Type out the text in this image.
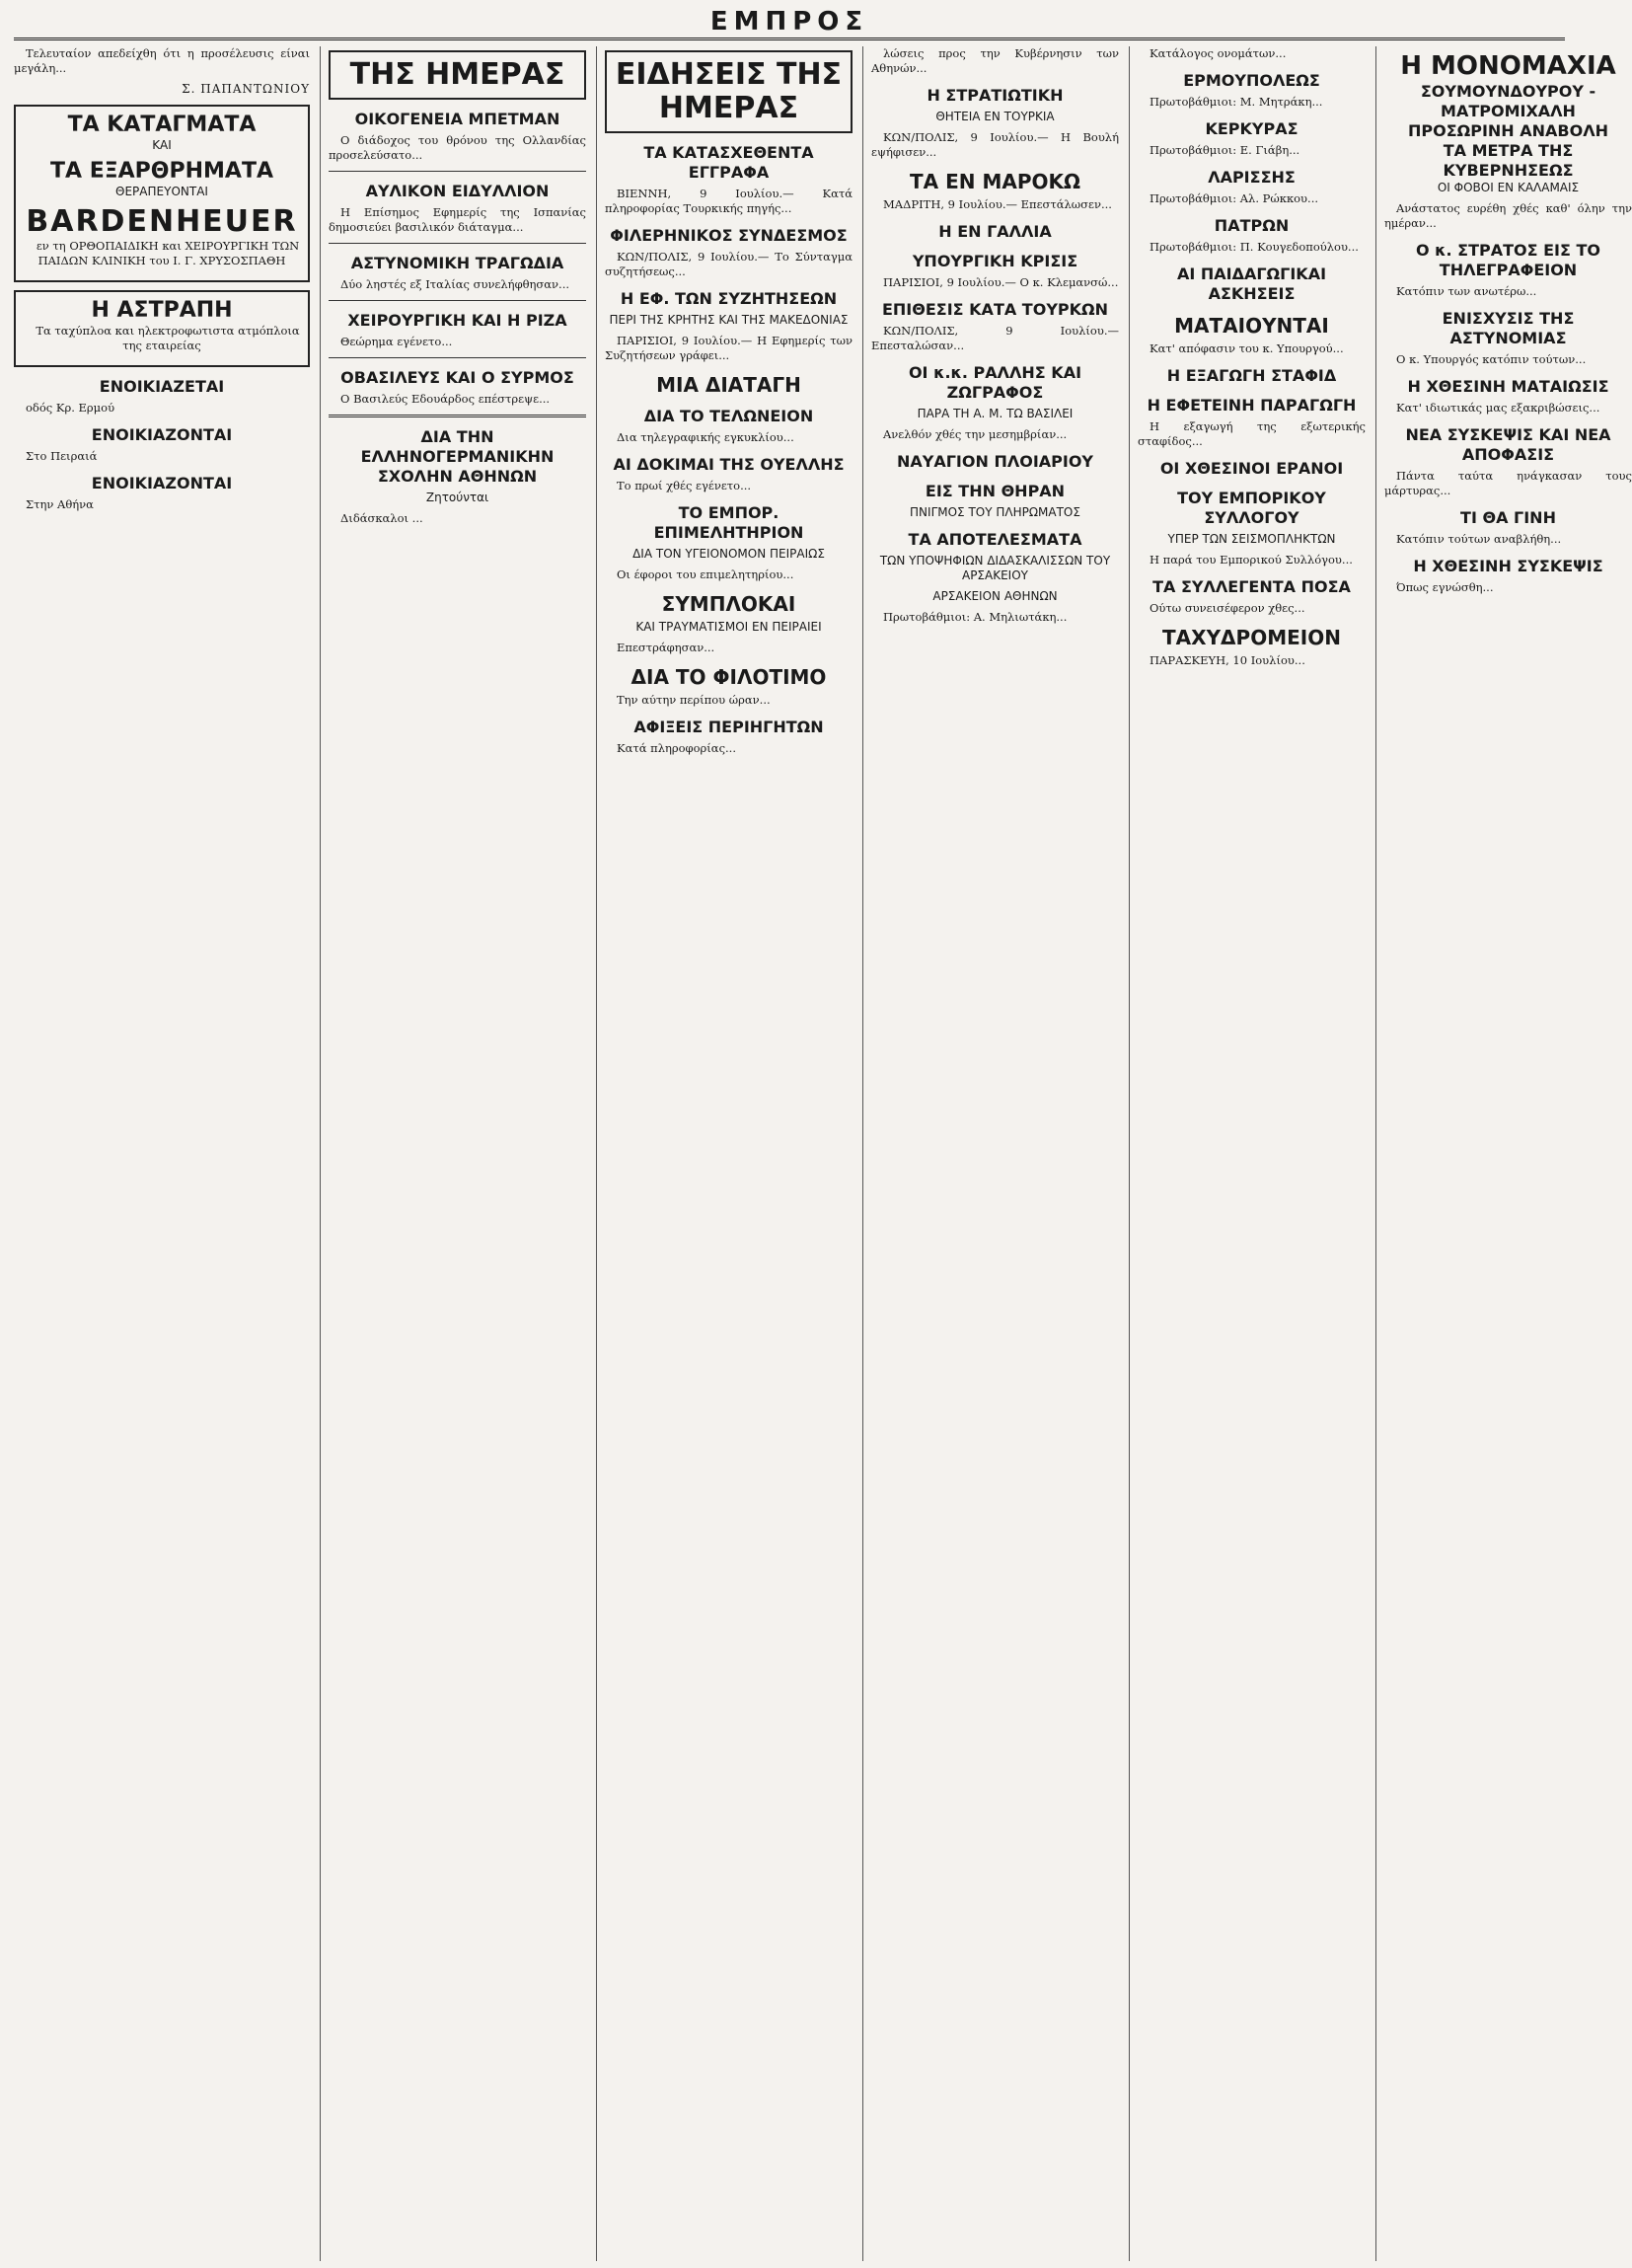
ΕΜΠΡΟΣ

Τελευταίον απεδείχθη ότι η προσέλευσις είναι μεγάλη...

Σ. ΠΑΠΑΝΤΩΝΙΟΥ
ΤΑ ΚΑΤΑΓΜΑΤΑ
ΚΑΙ
ΤΑ ΕΞΑΡΘΡΗΜΑΤΑ
ΘΕΡΑΠΕΥΟΝΤΑΙ
BARDENHEUER

εν τη ΟΡΘΟΠΑΙΔΙΚΗ και ΧΕΙΡΟΥΡΓΙΚΗ ΤΩΝ ΠΑΙΔΩΝ ΚΛΙΝΙΚΗ του Ι. Γ. ΧΡΥΣΟΣΠΑΘΗ

Η ΑΣΤΡΑΠΗ

Τα ταχύπλοα και ηλεκτροφωτιστα ατμόπλοια της εταιρείας

ΕΝΟΙΚΙΑΖΕΤΑΙ

οδός Κρ. Ερμού

ΕΝΟΙΚΙΑΖΟΝΤΑΙ

Στο Πειραιά

ΕΝΟΙΚΙΑΖΟΝΤΑΙ

Στην Αθήνα

ΤΗΣ ΗΜΕΡΑΣ
ΟΙΚΟΓΕΝΕΙΑ ΜΠΕΤΜΑΝ

Ο διάδοχος του θρόνου της Ολλανδίας προσελεύσατο...

ΑΥΛΙΚΟΝ ΕΙΔΥΛΛΙΟΝ

Η Επίσημος Εφημερίς της Ισπανίας δημοσιεύει βασιλικόν διάταγμα...

ΑΣΤΥΝΟΜΙΚΗ ΤΡΑΓΩΔΙΑ

Δύο ληστές εξ Ιταλίας συνελήφθησαν...

ΧΕΙΡΟΥΡΓΙΚΗ ΚΑΙ Η ΡΙΖΑ

Θεώρημα εγένετο...

ΟΒΑΣΙΛΕΥΣ ΚΑΙ Ο ΣΥΡΜΟΣ

Ο Βασιλεύς Εδουάρδος επέστρεψε...

ΔΙΑ ΤΗΝ ΕΛΛΗΝΟΓΕΡΜΑΝΙΚΗΝ ΣΧΟΛΗΝ ΑΘΗΝΩΝ
Ζητούνται

Διδάσκαλοι ...

ΕΙΔΗΣΕΙΣ ΤΗΣ ΗΜΕΡΑΣ
ΤΑ ΚΑΤΑΣΧΕΘΕΝΤΑ ΕΓΓΡΑΦΑ

ΒΙΕΝΝΗ, 9 Ιουλίου.— Κατά πληροφορίας Τουρκικής πηγής...

ΦΙΛΕΡΗΝΙΚΟΣ ΣΥΝΔΕΣΜΟΣ

ΚΩΝ/ΠΟΛΙΣ, 9 Ιουλίου.— Το Σύνταγμα συζητήσεως...

Η ΕΦ. ΤΩΝ ΣΥΖΗΤΗΣΕΩΝ
ΠΕΡΙ ΤΗΣ ΚΡΗΤΗΣ ΚΑΙ ΤΗΣ ΜΑΚΕΔΟΝΙΑΣ

ΠΑΡΙΣΙΟΙ, 9 Ιουλίου.— Η Εφημερίς των Συζητήσεων γράφει...

ΜΙΑ ΔΙΑΤΑΓΗ
ΔΙΑ ΤΟ ΤΕΛΩΝΕΙΟΝ

Δια τηλεγραφικής εγκυκλίου...

ΑΙ ΔΟΚΙΜΑΙ ΤΗΣ ΟΥΕΛΛΗΣ

Το πρωί χθές εγένετο...

ΤΟ ΕΜΠΟΡ. ΕΠΙΜΕΛΗΤΗΡΙΟΝ
ΔΙΑ ΤΟΝ ΥΓΕΙΟΝΟΜΟΝ ΠΕΙΡΑΙΩΣ

Οι έφοροι του επιμελητηρίου...

ΣΥΜΠΛΟΚΑΙ
ΚΑΙ ΤΡΑΥΜΑΤΙΣΜΟΙ ΕΝ ΠΕΙΡΑΙΕΙ

Επεστράφησαν...

ΔΙΑ ΤΟ ΦΙΛΟΤΙΜΟ

Την αύτην περίπου ώραν...

ΑΦΙΞΕΙΣ ΠΕΡΙΗΓΗΤΩΝ

Κατά πληροφορίας...

λώσεις προς την Κυβέρνησιν των Αθηνών...

Η ΣΤΡΑΤΙΩΤΙΚΗ
ΘΗΤΕΙΑ ΕΝ ΤΟΥΡΚΙΑ

ΚΩΝ/ΠΟΛΙΣ, 9 Ιουλίου.— Η Βουλή εψήφισεν...

ΤΑ ΕΝ ΜΑΡΟΚΩ

ΜΑΔΡΙΤΗ, 9 Ιουλίου.— Επεστάλωσεν...

Η ΕΝ ΓΑΛΛΙΑ
ΥΠΟΥΡΓΙΚΗ ΚΡΙΣΙΣ

ΠΑΡΙΣΙΟΙ, 9 Ιουλίου.— Ο κ. Κλεμανσώ...

ΕΠΙΘΕΣΙΣ ΚΑΤΑ ΤΟΥΡΚΩΝ

ΚΩΝ/ΠΟΛΙΣ, 9 Ιουλίου.— Επεσταλώσαν...

ΟΙ κ.κ. ΡΑΛΛΗΣ ΚΑΙ ΖΩΓΡΑΦΟΣ
ΠΑΡΑ ΤΗ Α. Μ. ΤΩ ΒΑΣΙΛΕΙ

Ανελθόν χθές την μεσημβρίαν...

ΝΑΥΑΓΙΟΝ ΠΛΟΙΑΡΙΟΥ
ΕΙΣ ΤΗΝ ΘΗΡΑΝ
ΠΝΙΓΜΟΣ ΤΟΥ ΠΛΗΡΩΜΑΤΟΣ
ΤΑ ΑΠΟΤΕΛΕΣΜΑΤΑ
ΤΩΝ ΥΠΟΨΗΦΙΩΝ ΔΙΔΑΣΚΑΛΙΣΣΩΝ ΤΟΥ ΑΡΣΑΚΕΙΟΥ
ΑΡΣΑΚΕΙΟΝ ΑΘΗΝΩΝ

Πρωτοβάθμιοι: Α. Μηλιωτάκη...

Κατάλογος ονομάτων...

ΕΡΜΟΥΠΟΛΕΩΣ

Πρωτοβάθμιοι: Μ. Μητράκη...

ΚΕΡΚΥΡΑΣ

Πρωτοβάθμιοι: Ε. Γιάβη...

ΛΑΡΙΣΣΗΣ

Πρωτοβάθμιοι: Αλ. Ρώκκου...

ΠΑΤΡΩΝ

Πρωτοβάθμιοι: Π. Κουγεδοπούλου...

ΑΙ ΠΑΙΔΑΓΩΓΙΚΑΙ ΑΣΚΗΣΕΙΣ
ΜΑΤΑΙΟΥΝΤΑΙ

Κατ' απόφασιν του κ. Υπουργού...

Η ΕΞΑΓΩΓΗ ΣΤΑΦΙΔ
Η ΕΦΕΤΕΙΝΗ ΠΑΡΑΓΩΓΗ

Η εξαγωγή της εξωτερικής σταφίδος...

ΟΙ ΧΘΕΣΙΝΟΙ ΕΡΑΝΟΙ
ΤΟΥ ΕΜΠΟΡΙΚΟΥ ΣΥΛΛΟΓΟΥ
ΥΠΕΡ ΤΩΝ ΣΕΙΣΜΟΠΛΗΚΤΩΝ

Η παρά του Εμπορικού Συλλόγου...

ΤΑ ΣΥΛΛΕΓΕΝΤΑ ΠΟΣΑ

Ούτω συνεισέφερον χθες...

ΤΑΧΥΔΡΟΜΕΙΟΝ

ΠΑΡΑΣΚΕΥΗ, 10 Ιουλίου...

Η ΜΟΝΟΜΑΧΙΑ
ΣΟΥΜΟΥΝΔΟΥΡΟΥ - ΜΑΤΡΟΜΙΧΑΛΗ
ΠΡΟΣΩΡΙΝΗ ΑΝΑΒΟΛΗ
ΤΑ ΜΕΤΡΑ ΤΗΣ ΚΥΒΕΡΝΗΣΕΩΣ
ΟΙ ΦΟΒΟΙ ΕΝ ΚΑΛΑΜΑΙΣ

Ανάστατος ευρέθη χθές καθ' όλην την ημέραν...

Ο κ. ΣΤΡΑΤΟΣ ΕΙΣ ΤΟ ΤΗΛΕΓΡΑΦΕΙΟΝ

Κατόπιν των ανωτέρω...

ΕΝΙΣΧΥΣΙΣ ΤΗΣ ΑΣΤΥΝΟΜΙΑΣ

Ο κ. Υπουργός κατόπιν τούτων...

Η ΧΘΕΣΙΝΗ ΜΑΤΑΙΩΣΙΣ

Κατ' ιδιωτικάς μας εξακριβώσεις...

ΝΕΑ ΣΥΣΚΕΨΙΣ ΚΑΙ ΝΕΑ ΑΠΟΦΑΣΙΣ

Πάντα ταύτα ηνάγκασαν τους μάρτυρας...

ΤΙ ΘΑ ΓΙΝΗ

Κατόπιν τούτων αναβλήθη...

Η ΧΘΕΣΙΝΗ ΣΥΣΚΕΨΙΣ

Όπως εγνώσθη...
